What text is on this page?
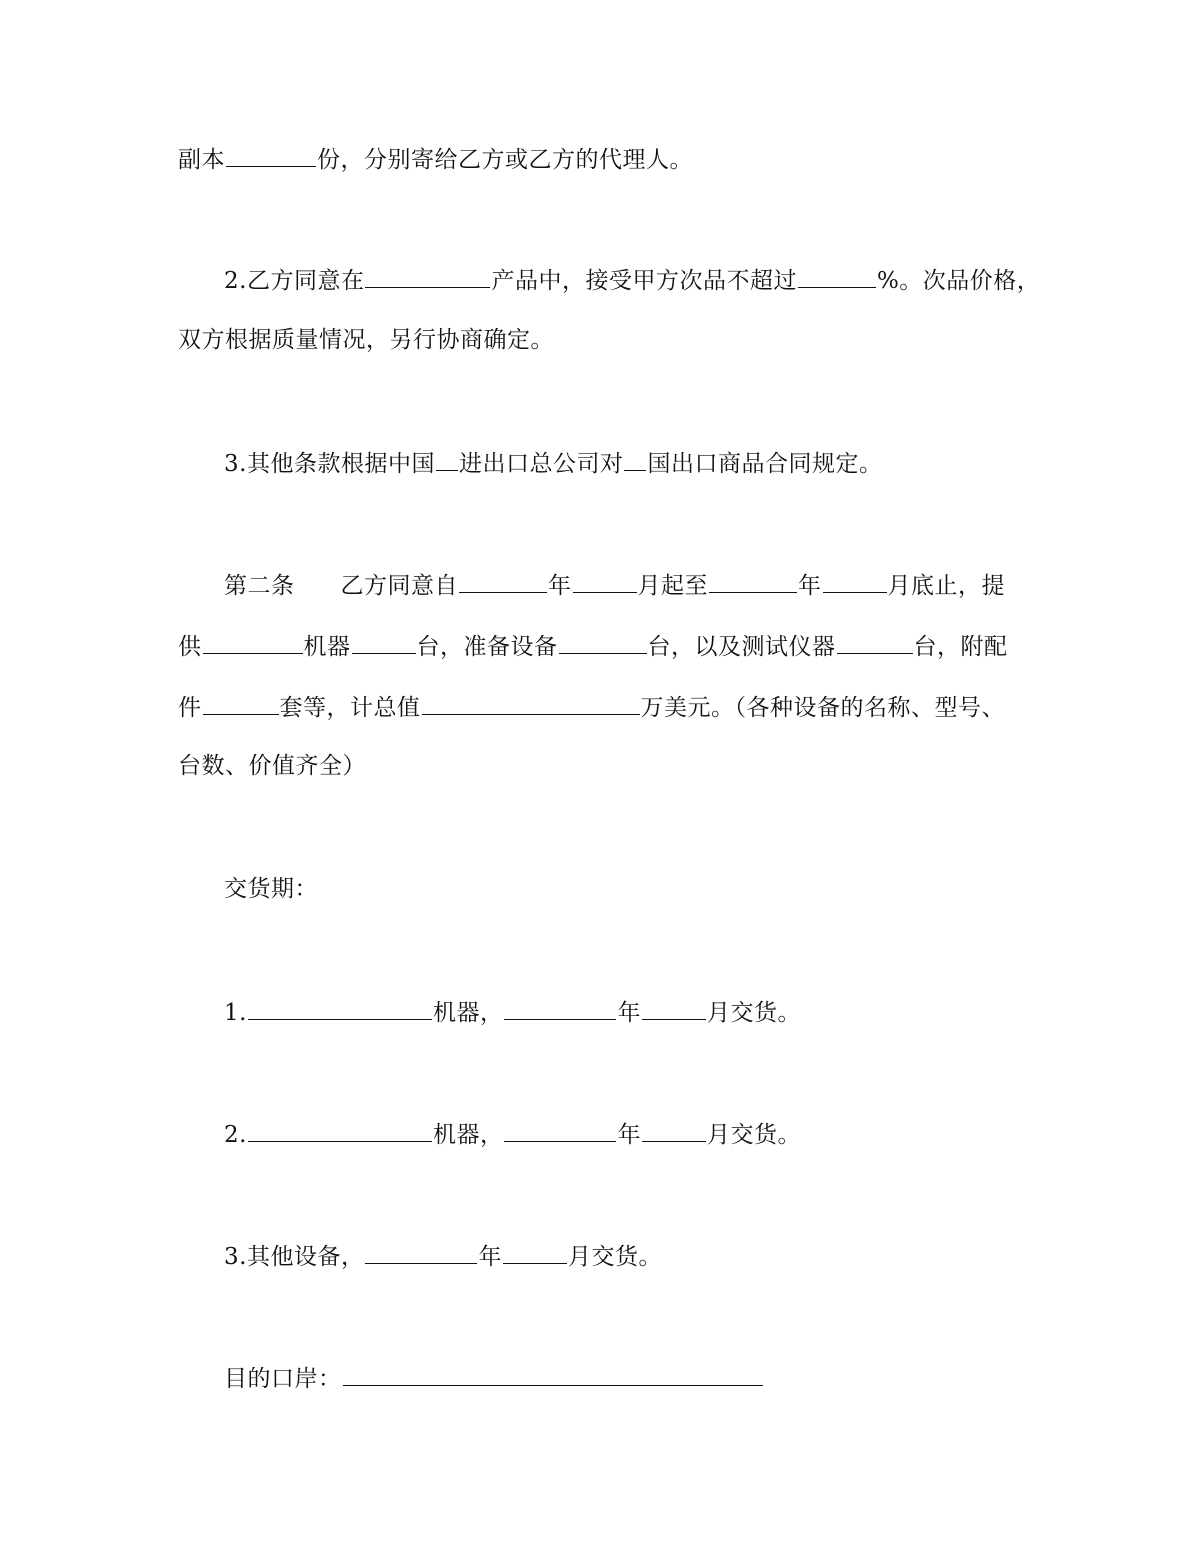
副本	份，分别寄给乙方或乙方的代理人。
2.乙方同意在	产品中，接受甲方次品不超过	%。次品价格，
双方根据质量情况，另行协商确定。
3.其他条款根据中国 进出口总公司对 国出口商品合同规定。
第二条 乙方同意自	年	月起至	年	月底止，提
供	机器	台，准备设备	台，以及测试仪器	台，附配
件	套等，计总值	万美元。（各种设备的名称、型号、
台数、价值齐全）
交货期：
1.	机器，	年	月交货。
2.	机器，	年	月交货。
3.其他设备，	年	月交货。
目的口岸：
